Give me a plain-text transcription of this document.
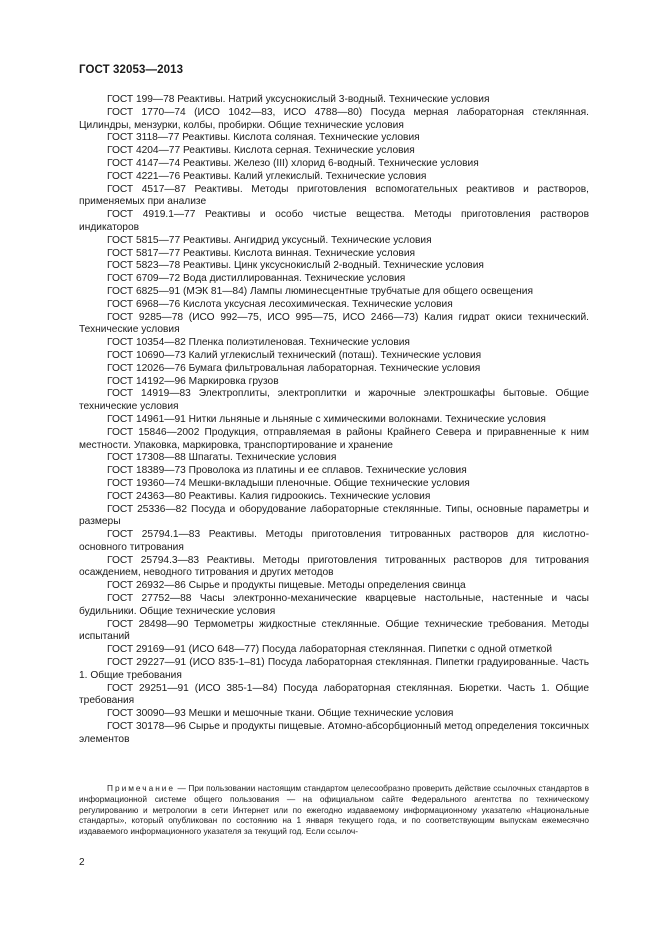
ГОСТ 32053—2013

ГОСТ 199—78 Реактивы. Натрий уксуснокислый 3-водный. Технические условия

ГОСТ 1770—74 (ИСО 1042—83, ИСО 4788—80) Посуда мерная лабораторная стеклянная. Цилиндры, мензурки, колбы, пробирки. Общие технические условия

ГОСТ 3118—77 Реактивы. Кислота соляная. Технические условия

ГОСТ 4204—77 Реактивы. Кислота серная. Технические условия

ГОСТ 4147—74 Реактивы. Железо (III) хлорид 6-водный. Технические условия

ГОСТ 4221—76 Реактивы. Калий углекислый. Технические условия

ГОСТ 4517—87 Реактивы. Методы приготовления вспомогательных реактивов и растворов, применяемых при анализе

ГОСТ 4919.1—77 Реактивы и особо чистые вещества. Методы приготовления растворов индикаторов

ГОСТ 5815—77 Реактивы. Ангидрид уксусный. Технические условия

ГОСТ 5817—77 Реактивы. Кислота винная. Технические условия

ГОСТ 5823—78 Реактивы. Цинк уксуснокислый 2-водный. Технические условия

ГОСТ 6709—72 Вода дистиллированная. Технические условия

ГОСТ 6825—91 (МЭК 81—84) Лампы люминесцентные трубчатые для общего освещения

ГОСТ 6968—76 Кислота уксусная лесохимическая. Технические условия

ГОСТ 9285—78 (ИСО 992—75, ИСО 995—75, ИСО 2466—73) Калия гидрат окиси технический. Технические условия

ГОСТ 10354—82 Пленка полиэтиленовая. Технические условия

ГОСТ 10690—73 Калий углекислый технический (поташ). Технические условия

ГОСТ 12026—76 Бумага фильтровальная лабораторная. Технические условия

ГОСТ 14192—96 Маркировка грузов

ГОСТ 14919—83 Электроплиты, электроплитки и жарочные электрошкафы бытовые. Общие технические условия

ГОСТ 14961—91 Нитки льняные и льняные с химическими волокнами. Технические условия

ГОСТ 15846—2002 Продукция, отправляемая в районы Крайнего Севера и приравненные к ним местности. Упаковка, маркировка, транспортирование и хранение

ГОСТ 17308—88 Шпагаты. Технические условия

ГОСТ 18389—73 Проволока из платины и ее сплавов. Технические условия

ГОСТ 19360—74 Мешки-вкладыши пленочные. Общие технические условия

ГОСТ 24363—80 Реактивы. Калия гидроокись. Технические условия

ГОСТ 25336—82 Посуда и оборудование лабораторные стеклянные. Типы, основные параметры и размеры

ГОСТ 25794.1—83 Реактивы. Методы приготовления титрованных растворов для кислотно-основного титрования

ГОСТ 25794.3—83 Реактивы. Методы приготовления титрованных растворов для титрования осаждением, неводного титрования и других методов

ГОСТ 26932—86 Сырье и продукты пищевые. Методы определения свинца

ГОСТ 27752—88 Часы электронно-механические кварцевые настольные, настенные и часы будильники. Общие технические условия

ГОСТ 28498—90 Термометры жидкостные стеклянные. Общие технические требования. Методы испытаний

ГОСТ 29169—91 (ИСО 648—77) Посуда лабораторная стеклянная. Пипетки с одной отметкой

ГОСТ 29227—91 (ИСО 835-1–81) Посуда лабораторная стеклянная. Пипетки градуированные. Часть 1. Общие требования

ГОСТ 29251—91 (ИСО 385-1—84) Посуда лабораторная стеклянная. Бюретки. Часть 1. Общие требования

ГОСТ 30090—93 Мешки и мешочные ткани. Общие технические условия

ГОСТ 30178—96 Сырье и продукты пищевые. Атомно-абсорбционный метод определения токсичных элементов

Примечание — При пользовании настоящим стандартом целесообразно проверить действие ссылочных стандартов в информационной системе общего пользования — на официальном сайте Федерального агентства по техническому регулированию и метрологии в сети Интернет или по ежегодно издаваемому информационному указателю «Национальные стандарты», который опубликован по состоянию на 1 января текущего года, и по соответствующим выпускам ежемесячно издаваемого информационного указателя за текущий год. Если ссылоч-

2
